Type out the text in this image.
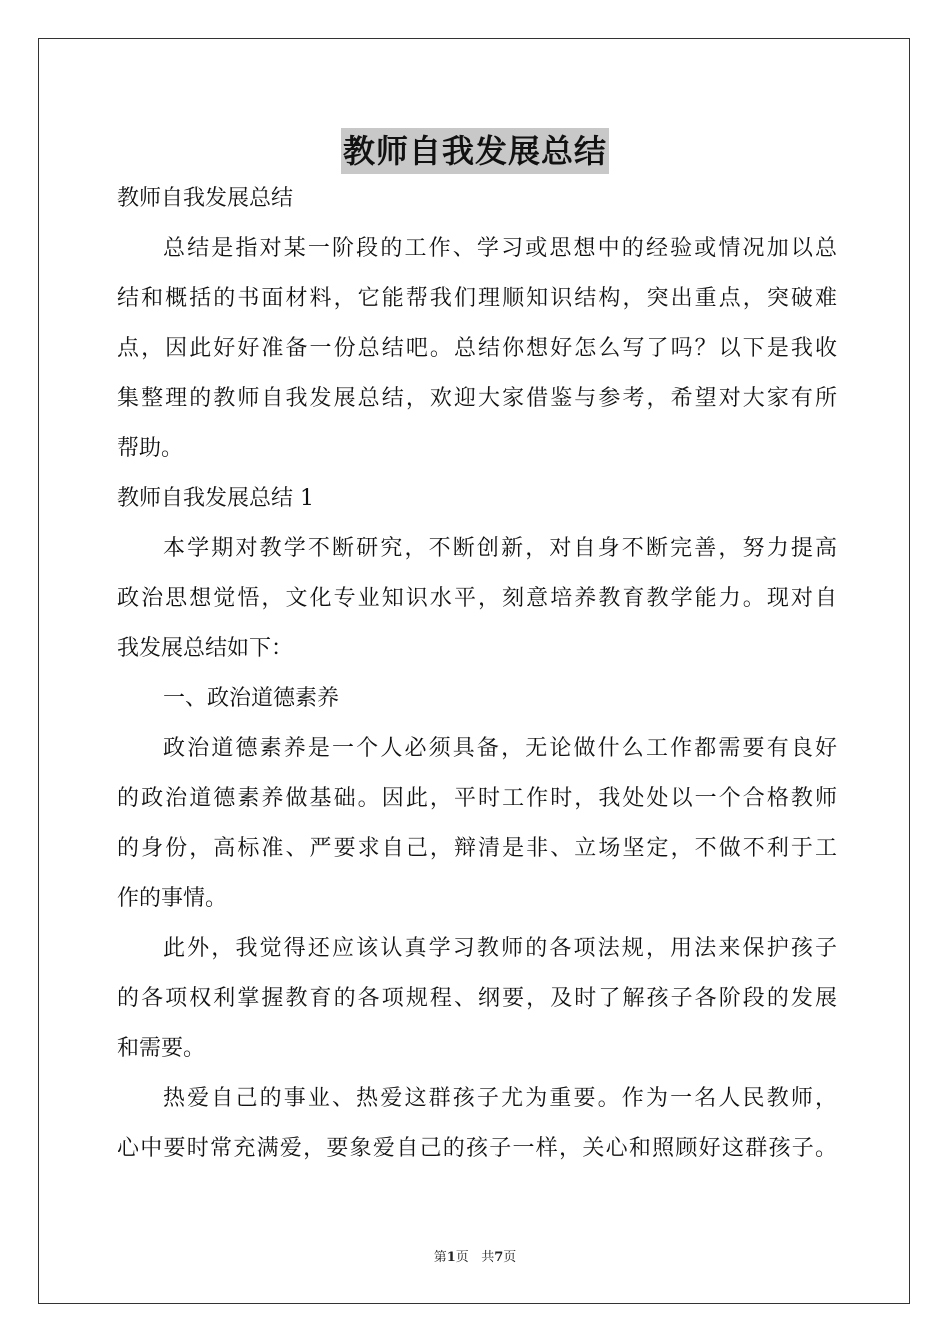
教师自我发展总结

教师自我发展总结

总结是指对某一阶段的工作、学习或思想中的经验或情况加以总

结和概括的书面材料，它能帮我们理顺知识结构，突出重点，突破难

点，因此好好准备一份总结吧。总结你想好怎么写了吗？以下是我收

集整理的教师自我发展总结，欢迎大家借鉴与参考，希望对大家有所

帮助。

教师自我发展总结 1

本学期对教学不断研究，不断创新，对自身不断完善，努力提高

政治思想觉悟，文化专业知识水平，刻意培养教育教学能力。现对自

我发展总结如下：

一、政治道德素养

政治道德素养是一个人必须具备，无论做什么工作都需要有良好

的政治道德素养做基础。因此，平时工作时，我处处以一个合格教师

的身份，高标准、严要求自己，辩清是非、立场坚定，不做不利于工

作的事情。

此外，我觉得还应该认真学习教师的各项法规，用法来保护孩子

的各项权利掌握教育的各项规程、纲要，及时了解孩子各阶段的发展

和需要。

热爱自己的事业、热爱这群孩子尤为重要。作为一名人民教师，

心中要时常充满爱，要象爱自己的孩子一样，关心和照顾好这群孩子。

第1页 共7页
